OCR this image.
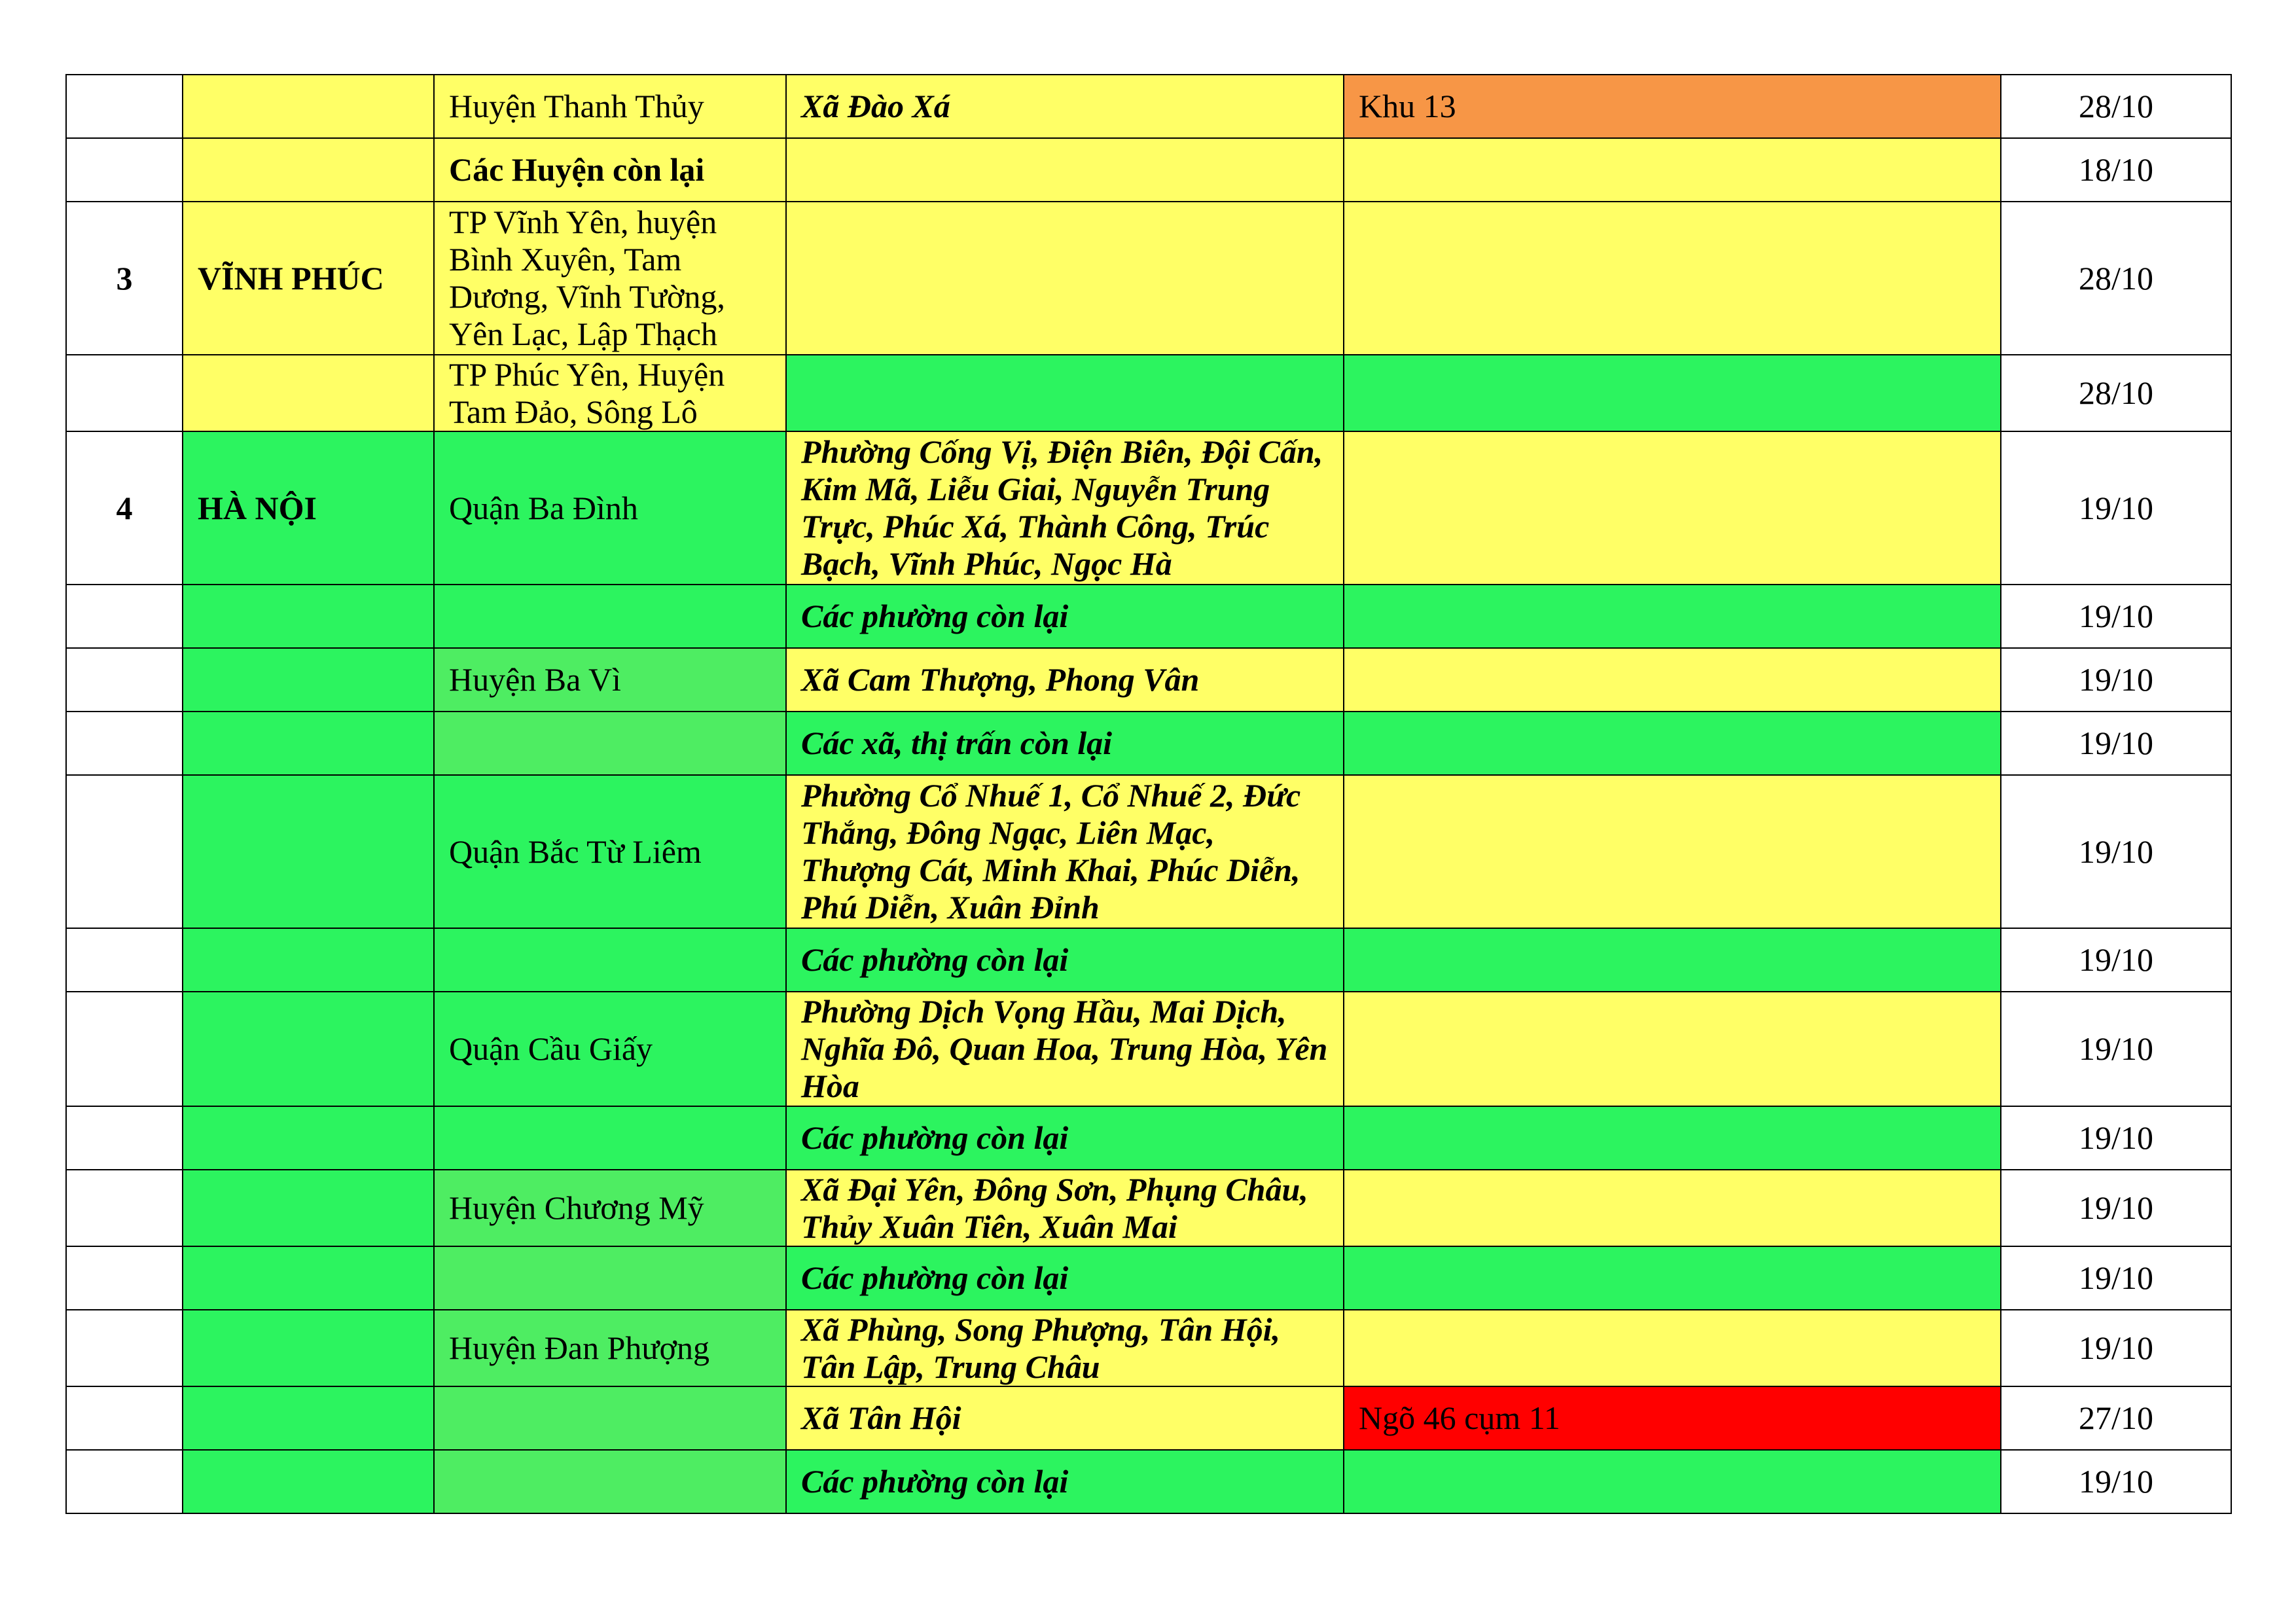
		Huyện Thanh Thủy	Xã Đào Xá	Khu 13	28/10
		Các Huyện còn lại			18/10
3	VĨNH PHÚC	TP Vĩnh Yên, huyện Bình Xuyên, Tam Dương, Vĩnh Tường, Yên Lạc, Lập Thạch			28/10
		TP Phúc Yên, Huyện Tam Đảo, Sông Lô			28/10
4	HÀ NỘI	Quận Ba Đình	Phường Cống Vị, Điện Biên, Đội Cấn, Kim Mã, Liễu Giai, Nguyễn Trung Trực, Phúc Xá, Thành Công, Trúc Bạch, Vĩnh Phúc, Ngọc Hà		19/10
			Các phường còn lại		19/10
		Huyện Ba Vì	Xã Cam Thượng, Phong Vân		19/10
			Các xã, thị trấn còn lại		19/10
		Quận Bắc Từ Liêm	Phường Cổ Nhuế 1, Cổ Nhuế 2, Đức Thắng, Đông Ngạc, Liên Mạc, Thượng Cát, Minh Khai, Phúc Diễn, Phú Diễn, Xuân Đỉnh		19/10
			Các phường còn lại		19/10
		Quận Cầu Giấy	Phường Dịch Vọng Hầu, Mai Dịch, Nghĩa Đô, Quan Hoa, Trung Hòa, Yên Hòa		19/10
			Các phường còn lại		19/10
		Huyện Chương Mỹ	Xã Đại Yên, Đông Sơn, Phụng Châu, Thủy Xuân Tiên, Xuân Mai		19/10
			Các phường còn lại		19/10
		Huyện Đan Phượng	Xã Phùng, Song Phượng, Tân Hội, Tân Lập, Trung Châu		19/10
			Xã Tân Hội	Ngõ 46 cụm 11	27/10
			Các phường còn lại		19/10
